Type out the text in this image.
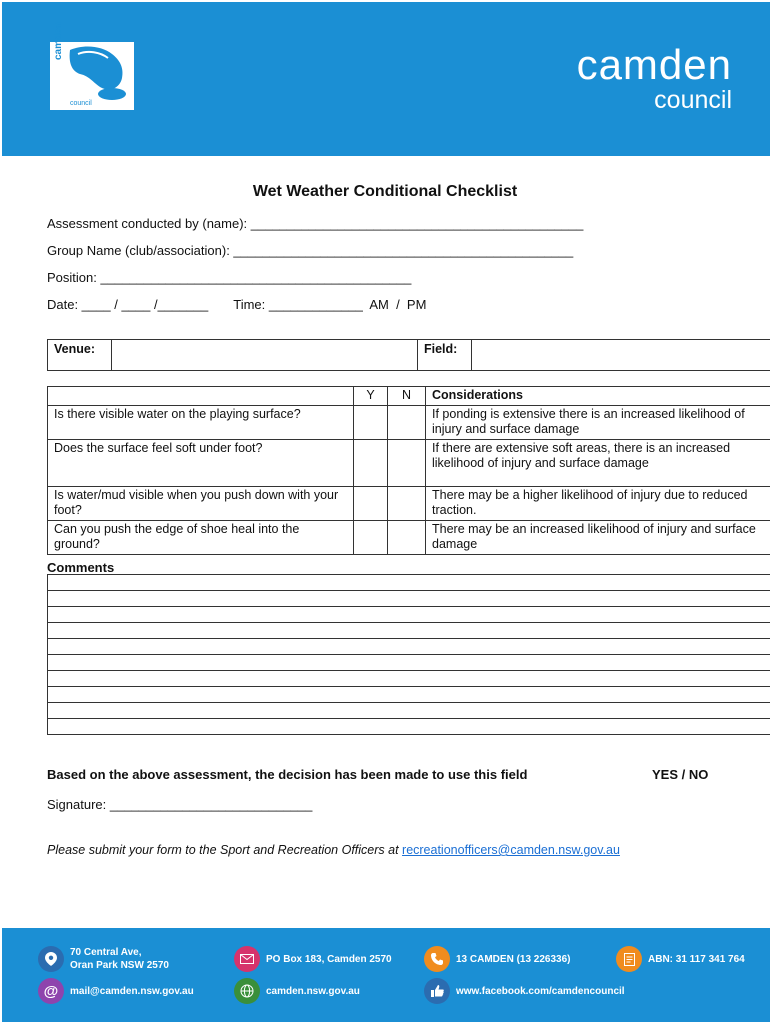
camden
council
camden
council
Wet Weather Conditional Checklist
Assessment conducted by (name): ______________________________________________
Group Name (club/association): _______________________________________________
Position: ___________________________________________
Date: ____ / ____ /_______       Time: _____________  AM  /  PM
Venue:		Field:	
	Y	N	Considerations
Is there visible water on the playing surface?			If ponding is extensive there is an increased likelihood of injury and surface damage
Does the surface feel soft under foot?			If there are extensive soft areas, there is an increased likelihood of injury and surface damage
Is water/mud visible when you push down with your foot?			There may be a higher likelihood of injury due to reduced traction.
Can you push the edge of shoe heal into the ground?			There may be an increased likelihood of injury and surface damage
Comments
Based on the above assessment, the decision has been made to use this field	YES / NO
Signature: ____________________________
Please submit your form to the Sport and Recreation Officers at recreationofficers@camden.nsw.gov.au
70 Central Ave,
Oran Park NSW 2570
PO Box 183, Camden 2570	13 CAMDEN (13 226336)	ABN: 31 117 341 764
@ mail@camden.nsw.gov.au	camden.nsw.gov.au	www.facebook.com/camdencouncil
